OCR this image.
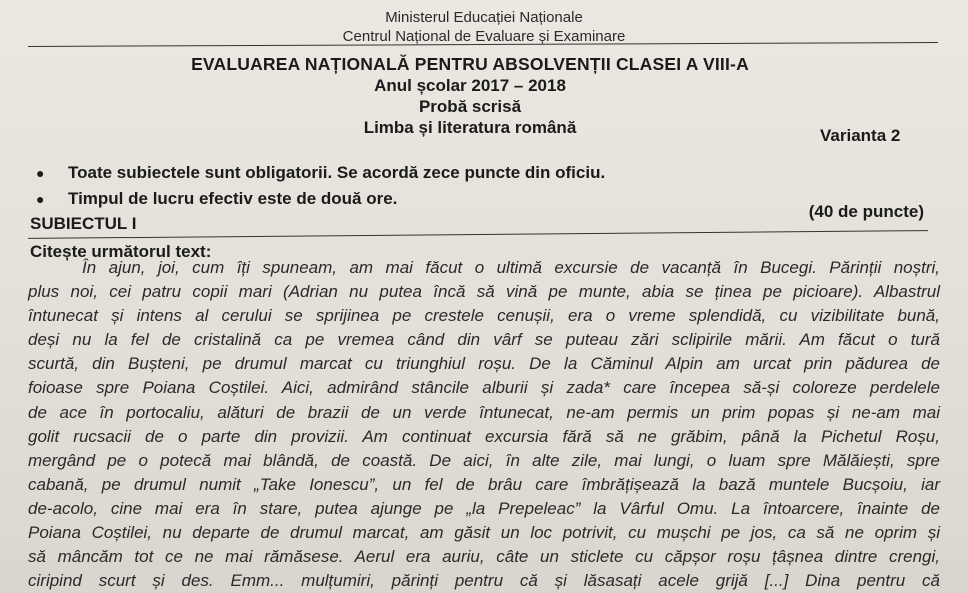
Ministerul Educației Naționale
Centrul Național de Evaluare și Examinare
EVALUAREA NAȚIONALĂ PENTRU ABSOLVENȚII CLASEI A VIII-A
Anul școlar 2017 – 2018
Probă scrisă
Limba și literatura română	Varianta 2
●	Toate subiectele sunt obligatorii. Se acordă zece puncte din oficiu.
●	Timpul de lucru efectiv este de două ore.
SUBIECTUL I
(40 de puncte)
Citește următorul text:
În ajun, joi, cum îți spuneam, am mai făcut o ultimă excursie de vacanță în Bucegi. Părinții noștri,
plus noi, cei patru copii mari (Adrian nu putea încă să vină pe munte, abia se ținea pe picioare). Albastrul
întunecat și intens al cerului se sprijinea pe crestele cenușii, era o vreme splendidă, cu vizibilitate bună,
deși nu la fel de cristalină ca pe vremea când din vârf se puteau zări sclipirile mării. Am făcut o tură
scurtă, din Bușteni, pe drumul marcat cu triunghiul roșu. De la Căminul Alpin am urcat prin pădurea de
foioase spre Poiana Coștilei. Aici, admirând stâncile alburii și zada* care începea să-și coloreze perdelele
de ace în portocaliu, alături de brazii de un verde întunecat, ne-am permis un prim popas și ne-am mai
golit rucsacii de o parte din provizii. Am continuat excursia fără să ne grăbim, până la Pichetul Roșu,
mergând pe o potecă mai blândă, de coastă. De aici, în alte zile, mai lungi, o luam spre Mălăiești, spre
cabană, pe drumul numit „Take Ionescu”, un fel de brâu care îmbrățișează la bază muntele Bucșoiu, iar
de-acolo, cine mai era în stare, putea ajunge pe „la Prepeleac” la Vârful Omu. La întoarcere, înainte de
Poiana Coștilei, nu departe de drumul marcat, am găsit un loc potrivit, cu mușchi pe jos, ca să ne oprim și
să mâncăm tot ce ne mai rămăsese. Aerul era auriu, câte un sticlete cu căpșor roșu țâșnea dintre crengi,
ciripind scurt și des. Emm... mulțumiri, părinți pentru că și lăsasați acele grijă [...] Dina pentru că
